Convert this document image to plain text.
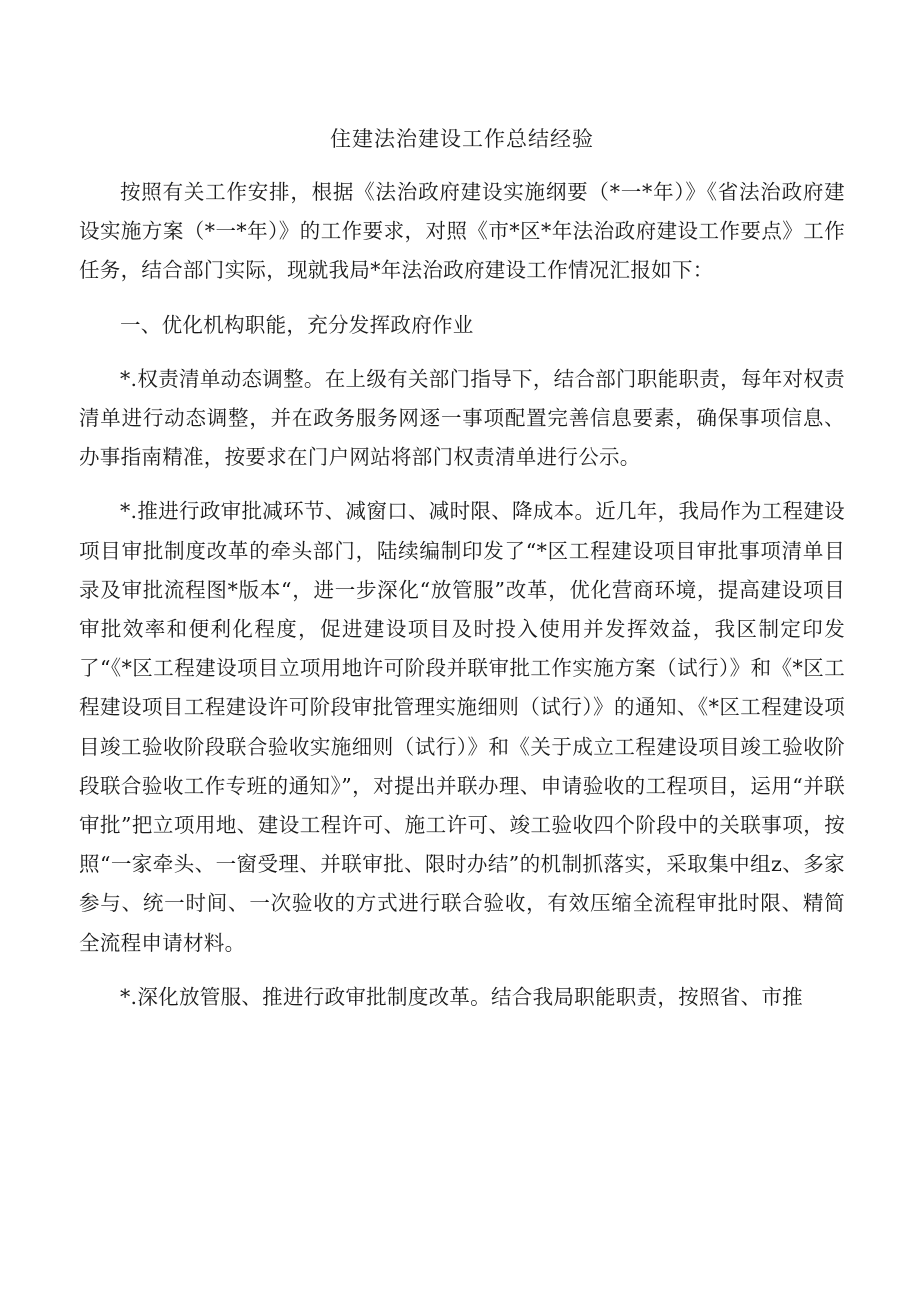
住建法治建设工作总结经验

按照有关工作安排，根据《法治政府建设实施纲要（*一*年）》《省法治政府建设实施方案（*一*年）》的工作要求，对照《市*区*年法治政府建设工作要点》工作任务，结合部门实际，现就我局*年法治政府建设工作情况汇报如下：

一、优化机构职能，充分发挥政府作业

*.权责清单动态调整。在上级有关部门指导下，结合部门职能职责，每年对权责清单进行动态调整，并在政务服务网逐一事项配置完善信息要素，确保事项信息、办事指南精准，按要求在门户网站将部门权责清单进行公示。

*.推进行政审批减环节、减窗口、减时限、降成本。近几年，我局作为工程建设项目审批制度改革的牵头部门，陆续编制印发了“*区工程建设项目审批事项清单目录及审批流程图*版本“，进一步深化“放管服”改革，优化营商环境，提高建设项目审批效率和便利化程度，促进建设项目及时投入使用并发挥效益，我区制定印发了“《*区工程建设项目立项用地许可阶段并联审批工作实施方案（试行）》和《*区工程建设项目工程建设许可阶段审批管理实施细则（试行）》的通知、《*区工程建设项目竣工验收阶段联合验收实施细则（试行）》和《关于成立工程建设项目竣工验收阶段联合验收工作专班的通知》”，对提出并联办理、申请验收的工程项目，运用“并联审批”把立项用地、建设工程许可、施工许可、竣工验收四个阶段中的关联事项，按照“一家牵头、一窗受理、并联审批、限时办结”的机制抓落实，采取集中组z、多家参与、统一时间、一次验收的方式进行联合验收，有效压缩全流程审批时限、精简全流程申请材料。

*.深化放管服、推进行政审批制度改革。结合我局职能职责，按照省、市推
